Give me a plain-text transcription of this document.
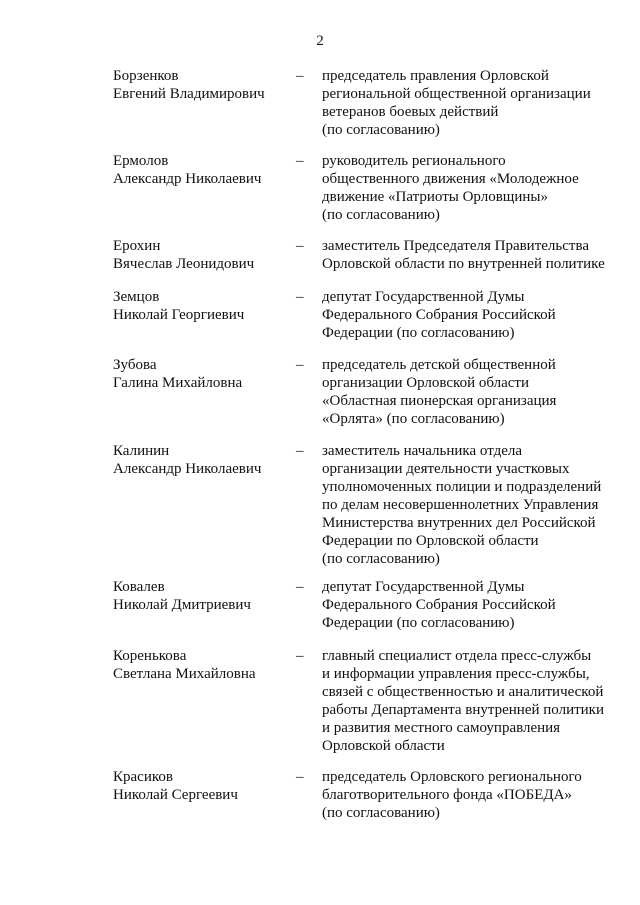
2
Борзенков
Евгений Владимирович
– председатель правления Орловской
региональной общественной организации
ветеранов боевых действий
(по согласованию)
Ермолов
Александр Николаевич
– руководитель регионального
общественного движения «Молодежное
движение «Патриоты Орловщины»
(по согласованию)
Ерохин
Вячеслав Леонидович
– заместитель Председателя Правительства
Орловской области по внутренней политике
Земцов
Николай Георгиевич
– депутат Государственной Думы
Федерального Собрания Российской
Федерации (по согласованию)
Зубова
Галина Михайловна
– председатель детской общественной
организации Орловской области
«Областная пионерская организация
«Орлята» (по согласованию)
Калинин
Александр Николаевич
– заместитель начальника отдела
организации деятельности участковых
уполномоченных полиции и подразделений
по делам несовершеннолетних Управления
Министерства внутренних дел Российской
Федерации по Орловской области
(по согласованию)
Ковалев
Николай Дмитриевич
– депутат Государственной Думы
Федерального Собрания Российской
Федерации (по согласованию)
Коренькова
Светлана Михайловна
– главный специалист отдела пресс-службы
и информации управления пресс-службы,
связей с общественностью и аналитической
работы Департамента внутренней политики
и развития местного самоуправления
Орловской области
Красиков
Николай Сергеевич
– председатель Орловского регионального
благотворительного фонда «ПОБЕДА»
(по согласованию)
